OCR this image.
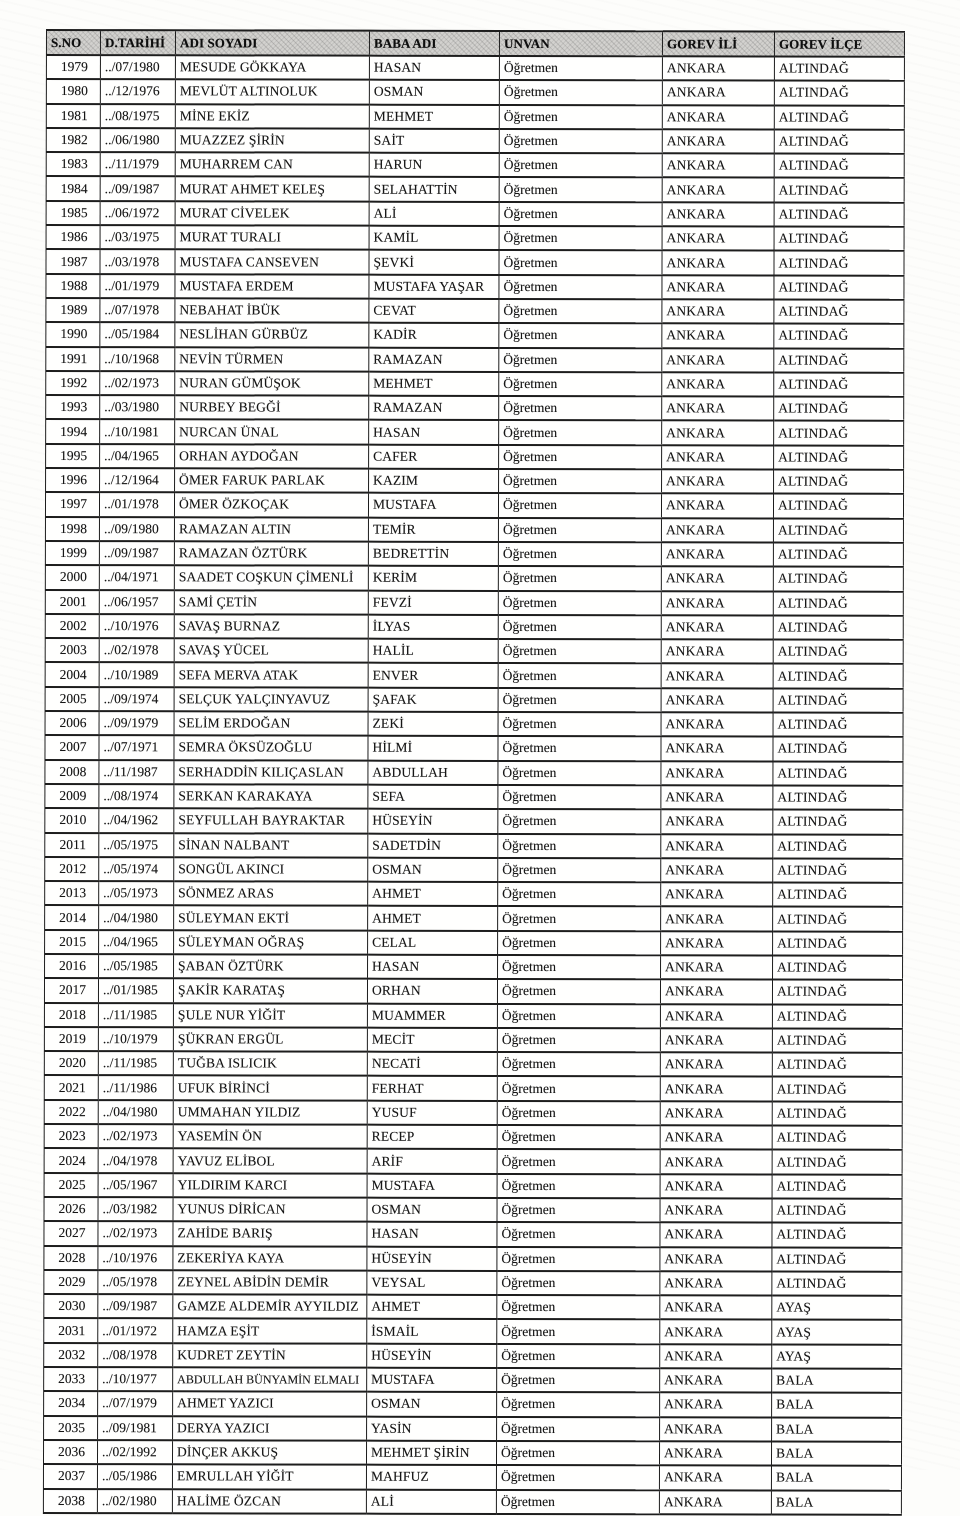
S.NO	D.TARİHİ	ADI SOYADI	BABA ADI	UNVAN	GOREV İLİ	GOREV İLÇE
1979	../07/1980	MESUDE GÖKKAYA	HASAN	Öğretmen	ANKARA	ALTINDAĞ
1980	../12/1976	MEVLÜT ALTINOLUK	OSMAN	Öğretmen	ANKARA	ALTINDAĞ
1981	../08/1975	MİNE EKİZ	MEHMET	Öğretmen	ANKARA	ALTINDAĞ
1982	../06/1980	MUAZZEZ ŞİRİN	SAİT	Öğretmen	ANKARA	ALTINDAĞ
1983	../11/1979	MUHARREM CAN	HARUN	Öğretmen	ANKARA	ALTINDAĞ
1984	../09/1987	MURAT AHMET KELEŞ	SELAHATTİN	Öğretmen	ANKARA	ALTINDAĞ
1985	../06/1972	MURAT CİVELEK	ALİ	Öğretmen	ANKARA	ALTINDAĞ
1986	../03/1975	MURAT TURALI	KAMİL	Öğretmen	ANKARA	ALTINDAĞ
1987	../03/1978	MUSTAFA CANSEVEN	ŞEVKİ	Öğretmen	ANKARA	ALTINDAĞ
1988	../01/1979	MUSTAFA ERDEM	MUSTAFA YAŞAR	Öğretmen	ANKARA	ALTINDAĞ
1989	../07/1978	NEBAHAT İBÜK	CEVAT	Öğretmen	ANKARA	ALTINDAĞ
1990	../05/1984	NESLİHAN GÜRBÜZ	KADİR	Öğretmen	ANKARA	ALTINDAĞ
1991	../10/1968	NEVİN TÜRMEN	RAMAZAN	Öğretmen	ANKARA	ALTINDAĞ
1992	../02/1973	NURAN GÜMÜŞOK	MEHMET	Öğretmen	ANKARA	ALTINDAĞ
1993	../03/1980	NURBEY BEGĞİ	RAMAZAN	Öğretmen	ANKARA	ALTINDAĞ
1994	../10/1981	NURCAN ÜNAL	HASAN	Öğretmen	ANKARA	ALTINDAĞ
1995	../04/1965	ORHAN AYDOĞAN	CAFER	Öğretmen	ANKARA	ALTINDAĞ
1996	../12/1964	ÖMER FARUK PARLAK	KAZIM	Öğretmen	ANKARA	ALTINDAĞ
1997	../01/1978	ÖMER ÖZKOÇAK	MUSTAFA	Öğretmen	ANKARA	ALTINDAĞ
1998	../09/1980	RAMAZAN ALTIN	TEMİR	Öğretmen	ANKARA	ALTINDAĞ
1999	../09/1987	RAMAZAN ÖZTÜRK	BEDRETTİN	Öğretmen	ANKARA	ALTINDAĞ
2000	../04/1971	SAADET COŞKUN ÇİMENLİ	KERİM	Öğretmen	ANKARA	ALTINDAĞ
2001	../06/1957	SAMİ ÇETİN	FEVZİ	Öğretmen	ANKARA	ALTINDAĞ
2002	../10/1976	SAVAŞ BURNAZ	İLYAS	Öğretmen	ANKARA	ALTINDAĞ
2003	../02/1978	SAVAŞ YÜCEL	HALİL	Öğretmen	ANKARA	ALTINDAĞ
2004	../10/1989	SEFA MERVA ATAK	ENVER	Öğretmen	ANKARA	ALTINDAĞ
2005	../09/1974	SELÇUK YALÇINYAVUZ	ŞAFAK	Öğretmen	ANKARA	ALTINDAĞ
2006	../09/1979	SELİM ERDOĞAN	ZEKİ	Öğretmen	ANKARA	ALTINDAĞ
2007	../07/1971	SEMRA ÖKSÜZOĞLU	HİLMİ	Öğretmen	ANKARA	ALTINDAĞ
2008	../11/1987	SERHADDİN KILIÇASLAN	ABDULLAH	Öğretmen	ANKARA	ALTINDAĞ
2009	../08/1974	SERKAN KARAKAYA	SEFA	Öğretmen	ANKARA	ALTINDAĞ
2010	../04/1962	SEYFULLAH BAYRAKTAR	HÜSEYİN	Öğretmen	ANKARA	ALTINDAĞ
2011	../05/1975	SİNAN NALBANT	SADETDİN	Öğretmen	ANKARA	ALTINDAĞ
2012	../05/1974	SONGÜL AKINCI	OSMAN	Öğretmen	ANKARA	ALTINDAĞ
2013	../05/1973	SÖNMEZ ARAS	AHMET	Öğretmen	ANKARA	ALTINDAĞ
2014	../04/1980	SÜLEYMAN EKTİ	AHMET	Öğretmen	ANKARA	ALTINDAĞ
2015	../04/1965	SÜLEYMAN OĞRAŞ	CELAL	Öğretmen	ANKARA	ALTINDAĞ
2016	../05/1985	ŞABAN ÖZTÜRK	HASAN	Öğretmen	ANKARA	ALTINDAĞ
2017	../01/1985	ŞAKİR KARATAŞ	ORHAN	Öğretmen	ANKARA	ALTINDAĞ
2018	../11/1985	ŞULE NUR YİĞİT	MUAMMER	Öğretmen	ANKARA	ALTINDAĞ
2019	../10/1979	ŞÜKRAN ERGÜL	MECİT	Öğretmen	ANKARA	ALTINDAĞ
2020	../11/1985	TUĞBA ISLICIK	NECATİ	Öğretmen	ANKARA	ALTINDAĞ
2021	../11/1986	UFUK BİRİNCİ	FERHAT	Öğretmen	ANKARA	ALTINDAĞ
2022	../04/1980	UMMAHAN YILDIZ	YUSUF	Öğretmen	ANKARA	ALTINDAĞ
2023	../02/1973	YASEMİN ÖN	RECEP	Öğretmen	ANKARA	ALTINDAĞ
2024	../04/1978	YAVUZ ELİBOL	ARİF	Öğretmen	ANKARA	ALTINDAĞ
2025	../05/1967	YILDIRIM KARCI	MUSTAFA	Öğretmen	ANKARA	ALTINDAĞ
2026	../03/1982	YUNUS DİRİCAN	OSMAN	Öğretmen	ANKARA	ALTINDAĞ
2027	../02/1973	ZAHİDE BARIŞ	HASAN	Öğretmen	ANKARA	ALTINDAĞ
2028	../10/1976	ZEKERİYA KAYA	HÜSEYİN	Öğretmen	ANKARA	ALTINDAĞ
2029	../05/1978	ZEYNEL ABİDİN DEMİR	VEYSAL	Öğretmen	ANKARA	ALTINDAĞ
2030	../09/1987	GAMZE ALDEMİR AYYILDIZ	AHMET	Öğretmen	ANKARA	AYAŞ
2031	../01/1972	HAMZA EŞİT	İSMAİL	Öğretmen	ANKARA	AYAŞ
2032	../08/1978	KUDRET ZEYTİN	HÜSEYİN	Öğretmen	ANKARA	AYAŞ
2033	../10/1977	ABDULLAH BÜNYAMİN ELMALI	MUSTAFA	Öğretmen	ANKARA	BALA
2034	../07/1979	AHMET YAZICI	OSMAN	Öğretmen	ANKARA	BALA
2035	../09/1981	DERYA YAZICI	YASİN	Öğretmen	ANKARA	BALA
2036	../02/1992	DİNÇER AKKUŞ	MEHMET ŞİRİN	Öğretmen	ANKARA	BALA
2037	../05/1986	EMRULLAH YİĞİT	MAHFUZ	Öğretmen	ANKARA	BALA
2038	../02/1980	HALİME ÖZCAN	ALİ	Öğretmen	ANKARA	BALA
